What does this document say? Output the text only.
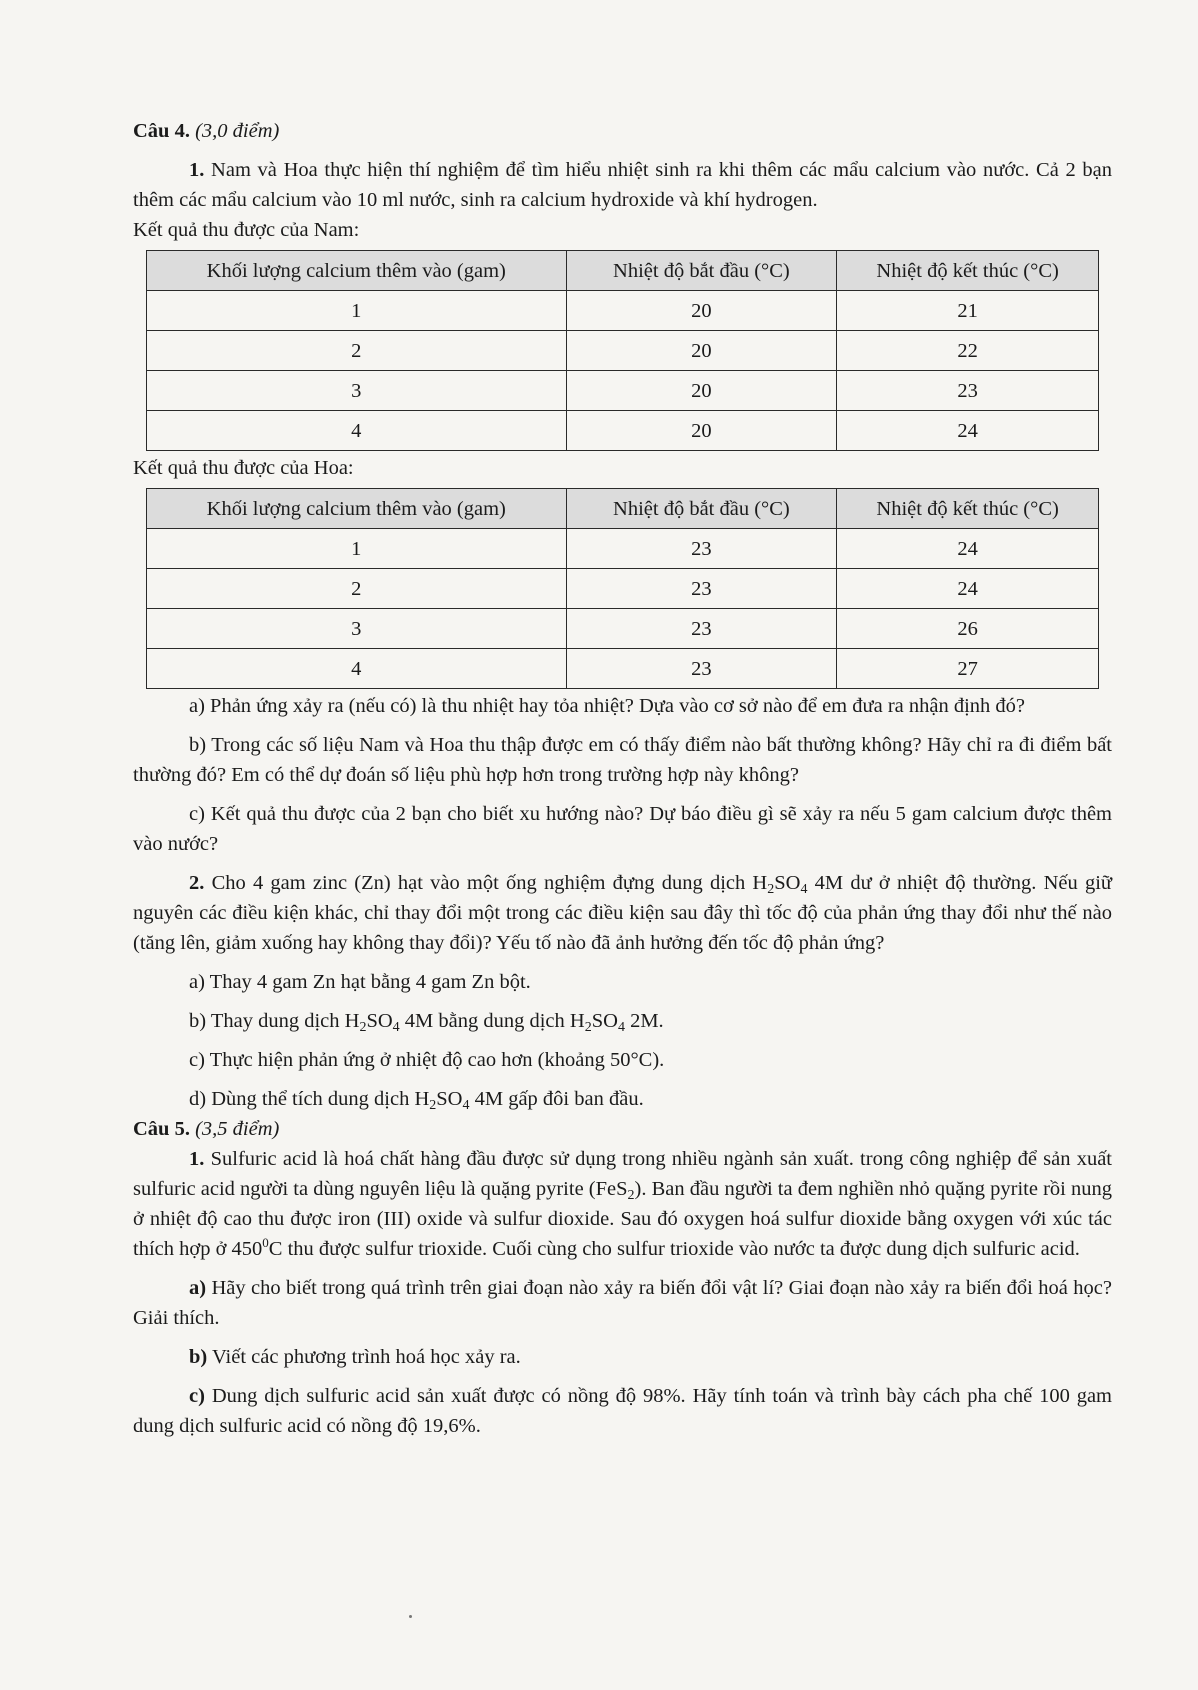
Câu 4. (3,0 điểm)

1. Nam và Hoa thực hiện thí nghiệm để tìm hiểu nhiệt sinh ra khi thêm các mẩu calcium vào nước. Cả 2 bạn thêm các mẩu calcium vào 10 ml nước, sinh ra calcium hydroxide và khí hydrogen.

Kết quả thu được của Nam:

Khối lượng calcium thêm vào (gam)	Nhiệt độ bắt đầu (°C)	Nhiệt độ kết thúc (°C)
1	20	21
2	20	22
3	20	23
4	20	24

Kết quả thu được của Hoa:

Khối lượng calcium thêm vào (gam)	Nhiệt độ bắt đầu (°C)	Nhiệt độ kết thúc (°C)
1	23	24
2	23	24
3	23	26
4	23	27

a) Phản ứng xảy ra (nếu có) là thu nhiệt hay tỏa nhiệt? Dựa vào cơ sở nào để em đưa ra nhận định đó?

b) Trong các số liệu Nam và Hoa thu thập được em có thấy điểm nào bất thường không? Hãy chỉ ra đi điểm bất thường đó? Em có thể dự đoán số liệu phù hợp hơn trong trường hợp này không?

c) Kết quả thu được của 2 bạn cho biết xu hướng nào? Dự báo điều gì sẽ xảy ra nếu 5 gam calcium được thêm vào nước?

2. Cho 4 gam zinc (Zn) hạt vào một ống nghiệm đựng dung dịch $H_2SO_4$ 4M dư ở nhiệt độ thường. Nếu giữ nguyên các điều kiện khác, chỉ thay đổi một trong các điều kiện sau đây thì tốc độ của phản ứng thay đổi như thế nào (tăng lên, giảm xuống hay không thay đổi)? Yếu tố nào đã ảnh hưởng đến tốc độ phản ứng?

a) Thay 4 gam Zn hạt bằng 4 gam Zn bột.

b) Thay dung dịch $H_2SO_4$ 4M bằng dung dịch $H_2SO_4$ 2M.

c) Thực hiện phản ứng ở nhiệt độ cao hơn (khoảng 50°C).

d) Dùng thể tích dung dịch $H_2SO_4$ 4M gấp đôi ban đầu.

Câu 5. (3,5 điểm)

1. Sulfuric acid là hoá chất hàng đầu được sử dụng trong nhiều ngành sản xuất. trong công nghiệp để sản xuất sulfuric acid người ta dùng nguyên liệu là quặng pyrite (FeS$_2$). Ban đầu người ta đem nghiền nhỏ quặng pyrite rồi nung ở nhiệt độ cao thu được iron (III) oxide và sulfur dioxide. Sau đó oxygen hoá sulfur dioxide bằng oxygen với xúc tác thích hợp ở $450^0C$ thu được sulfur trioxide. Cuối cùng cho sulfur trioxide vào nước ta được dung dịch sulfuric acid.

a) Hãy cho biết trong quá trình trên giai đoạn nào xảy ra biến đổi vật lí? Giai đoạn nào xảy ra biến đổi hoá học? Giải thích.

b) Viết các phương trình hoá học xảy ra.

c) Dung dịch sulfuric acid sản xuất được có nồng độ 98%. Hãy tính toán và trình bày cách pha chế 100 gam dung dịch sulfuric acid có nồng độ 19,6%.
